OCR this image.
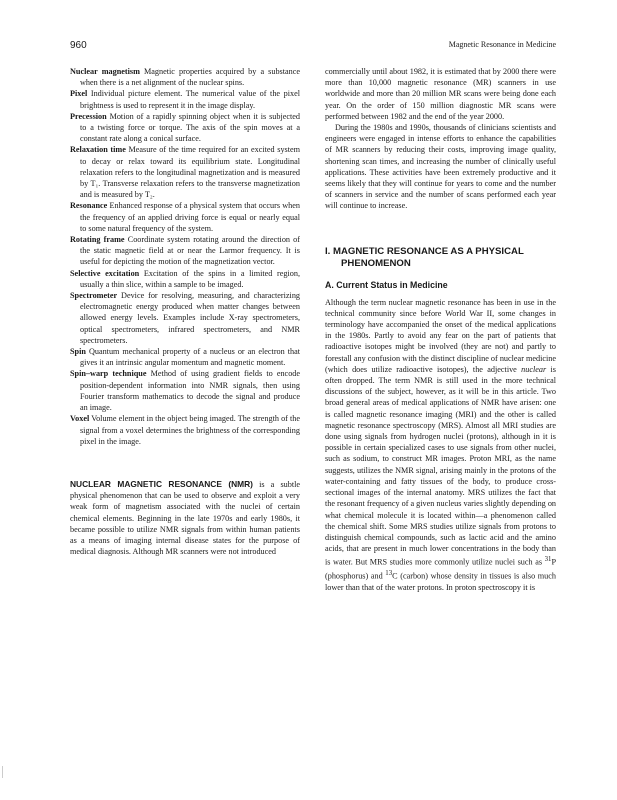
960	Magnetic Resonance in Medicine

Nuclear magnetism Magnetic properties acquired by a substance when there is a net alignment of the nuclear spins.

Pixel Individual picture element. The numerical value of the pixel brightness is used to represent it in the image display.

Precession Motion of a rapidly spinning object when it is subjected to a twisting force or torque. The axis of the spin moves at a constant rate along a conical surface.

Relaxation time Measure of the time required for an excited system to decay or relax toward its equilibrium state. Longitudinal relaxation refers to the longitudinal magnetization and is measured by T₁. Transverse relaxation refers to the transverse magnetization and is measured by T₂.

Resonance Enhanced response of a physical system that occurs when the frequency of an applied driving force is equal or nearly equal to some natural frequency of the system.

Rotating frame Coordinate system rotating around the direction of the static magnetic field at or near the Larmor frequency. It is useful for depicting the motion of the magnetization vector.

Selective excitation Excitation of the spins in a limited region, usually a thin slice, within a sample to be imaged.

Spectrometer Device for resolving, measuring, and characterizing electromagnetic energy produced when matter changes between allowed energy levels. Examples include X-ray spectrometers, optical spectrometers, infrared spectrometers, and NMR spectrometers.

Spin Quantum mechanical property of a nucleus or an electron that gives it an intrinsic angular momentum and magnetic moment.

Spin–warp technique Method of using gradient fields to encode position-dependent information into NMR signals, then using Fourier transform mathematics to decode the signal and produce an image.

Voxel Volume element in the object being imaged. The strength of the signal from a voxel determines the brightness of the corresponding pixel in the image.

NUCLEAR MAGNETIC RESONANCE (NMR) is a subtle physical phenomenon that can be used to observe and exploit a very weak form of magnetism associated with the nuclei of certain chemical elements. Beginning in the late 1970s and early 1980s, it became possible to utilize NMR signals from within human patients as a means of imaging internal disease states for the purpose of medical diagnosis. Although MR scanners were not introduced

commercially until about 1982, it is estimated that by 2000 there were more than 10,000 magnetic resonance (MR) scanners in use worldwide and more than 20 million MR scans were being done each year. On the order of 150 million diagnostic MR scans were performed between 1982 and the end of the year 2000.

During the 1980s and 1990s, thousands of clinicians scientists and engineers were engaged in intense efforts to enhance the capabilities of MR scanners by reducing their costs, improving image quality, shortening scan times, and increasing the number of clinically useful applications. These activities have been extremely productive and it seems likely that they will continue for years to come and the number of scanners in service and the number of scans performed each year will continue to increase.

I. MAGNETIC RESONANCE AS A PHYSICAL PHENOMENON
A. Current Status in Medicine

Although the term nuclear magnetic resonance has been in use in the technical community since before World War II, some changes in terminology have accompanied the onset of the medical applications in the 1980s. Partly to avoid any fear on the part of patients that radioactive isotopes might be involved (they are not) and partly to forestall any confusion with the distinct discipline of nuclear medicine (which does utilize radioactive isotopes), the adjective nuclear is often dropped. The term NMR is still used in the more technical discussions of the subject, however, as it will be in this article. Two broad general areas of medical applications of NMR have arisen: one is called magnetic resonance imaging (MRI) and the other is called magnetic resonance spectroscopy (MRS). Almost all MRI studies are done using signals from hydrogen nuclei (protons), although in it is possible in certain specialized cases to use signals from other nuclei, such as sodium, to construct MR images. Proton MRI, as the name suggests, utilizes the NMR signal, arising mainly in the protons of the water-containing and fatty tissues of the body, to produce cross-sectional images of the internal anatomy. MRS utilizes the fact that the resonant frequency of a given nucleus varies slightly depending on what chemical molecule it is located within—a phenomenon called the chemical shift. Some MRS studies utilize signals from protons to distinguish chemical compounds, such as lactic acid and the amino acids, that are present in much lower concentrations in the body than is water. But MRS studies more commonly utilize nuclei such as $^{31}$P (phosphorus) and $^{13}$C (carbon) whose density in tissues is also much lower than that of the water protons. In proton spectroscopy it is
